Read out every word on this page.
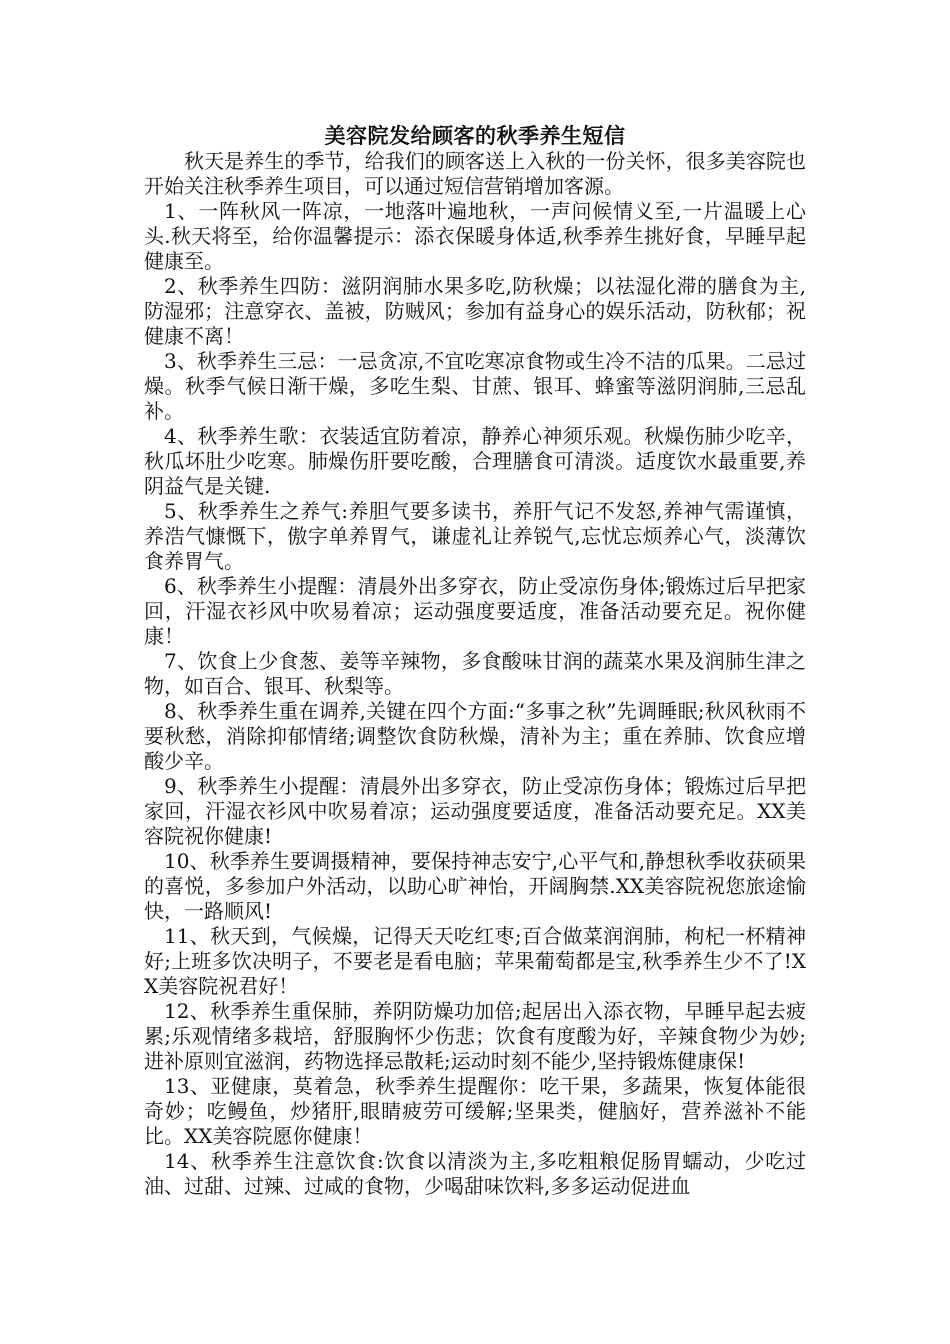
美容院发给顾客的秋季养生短信

秋天是养生的季节，给我们的顾客送上入秋的一份关怀，很多美容院也开始关注秋季养生项目，可以通过短信营销增加客源。

1、一阵秋风一阵凉，一地落叶遍地秋，一声问候情义至,一片温暖上心头.秋天将至，给你温馨提示：添衣保暖身体适,秋季养生挑好食，早睡早起健康至。

2、秋季养生四防：滋阴润肺水果多吃,防秋燥；以祛湿化滞的膳食为主,防湿邪；注意穿衣、盖被，防贼风；参加有益身心的娱乐活动，防秋郁；祝健康不离！

3、秋季养生三忌：一忌贪凉,不宜吃寒凉食物或生冷不洁的瓜果。二忌过燥。秋季气候日渐干燥，多吃生梨、甘蔗、银耳、蜂蜜等滋阴润肺,三忌乱补。

4、秋季养生歌：衣装适宜防着凉，静养心神须乐观。秋燥伤肺少吃辛，秋瓜坏肚少吃寒。肺燥伤肝要吃酸，合理膳食可清淡。适度饮水最重要,养阴益气是关键.

5、秋季养生之养气:养胆气要多读书，养肝气记不发怒,养神气需谨慎，养浩气慷慨下，傲字单养胃气，谦虚礼让养锐气,忘忧忘烦养心气，淡薄饮食养胃气。

6、秋季养生小提醒：清晨外出多穿衣，防止受凉伤身体;锻炼过后早把家回，汗湿衣衫风中吹易着凉；运动强度要适度，准备活动要充足。祝你健康！

7、饮食上少食葱、姜等辛辣物，多食酸味甘润的蔬菜水果及润肺生津之物，如百合、银耳、秋梨等。

8、秋季养生重在调养,关键在四个方面:“多事之秋”先调睡眠;秋风秋雨不要秋愁，消除抑郁情绪;调整饮食防秋燥，清补为主；重在养肺、饮食应增酸少辛。

9、秋季养生小提醒：清晨外出多穿衣，防止受凉伤身体；锻炼过后早把家回，汗湿衣衫风中吹易着凉；运动强度要适度，准备活动要充足。XX美容院祝你健康!

10、秋季养生要调摄精神，要保持神志安宁,心平气和,静想秋季收获硕果的喜悦，多参加户外活动，以助心旷神怡，开阔胸禁.XX美容院祝您旅途愉快，一路顺风!

11、秋天到，气候燥，记得天天吃红枣;百合做菜润润肺，枸杞一杯精神好;上班多饮决明子，不要老是看电脑；苹果葡萄都是宝,秋季养生少不了!XX美容院祝君好！

12、秋季养生重保肺，养阴防燥功加倍;起居出入添衣物，早睡早起去疲累;乐观情绪多栽培，舒服胸怀少伤悲；饮食有度酸为好，辛辣食物少为妙;进补原则宜滋润，药物选择忌散耗;运动时刻不能少,坚持锻炼健康保!

13、亚健康，莫着急，秋季养生提醒你：吃干果，多蔬果，恢复体能很奇妙；吃鳗鱼，炒猪肝,眼睛疲劳可缓解;坚果类，健脑好，营养滋补不能比。XX美容院愿你健康！

14、秋季养生注意饮食:饮食以清淡为主,多吃粗粮促肠胃蠕动，少吃过油、过甜、过辣、过咸的食物，少喝甜味饮料,多多运动促进血
